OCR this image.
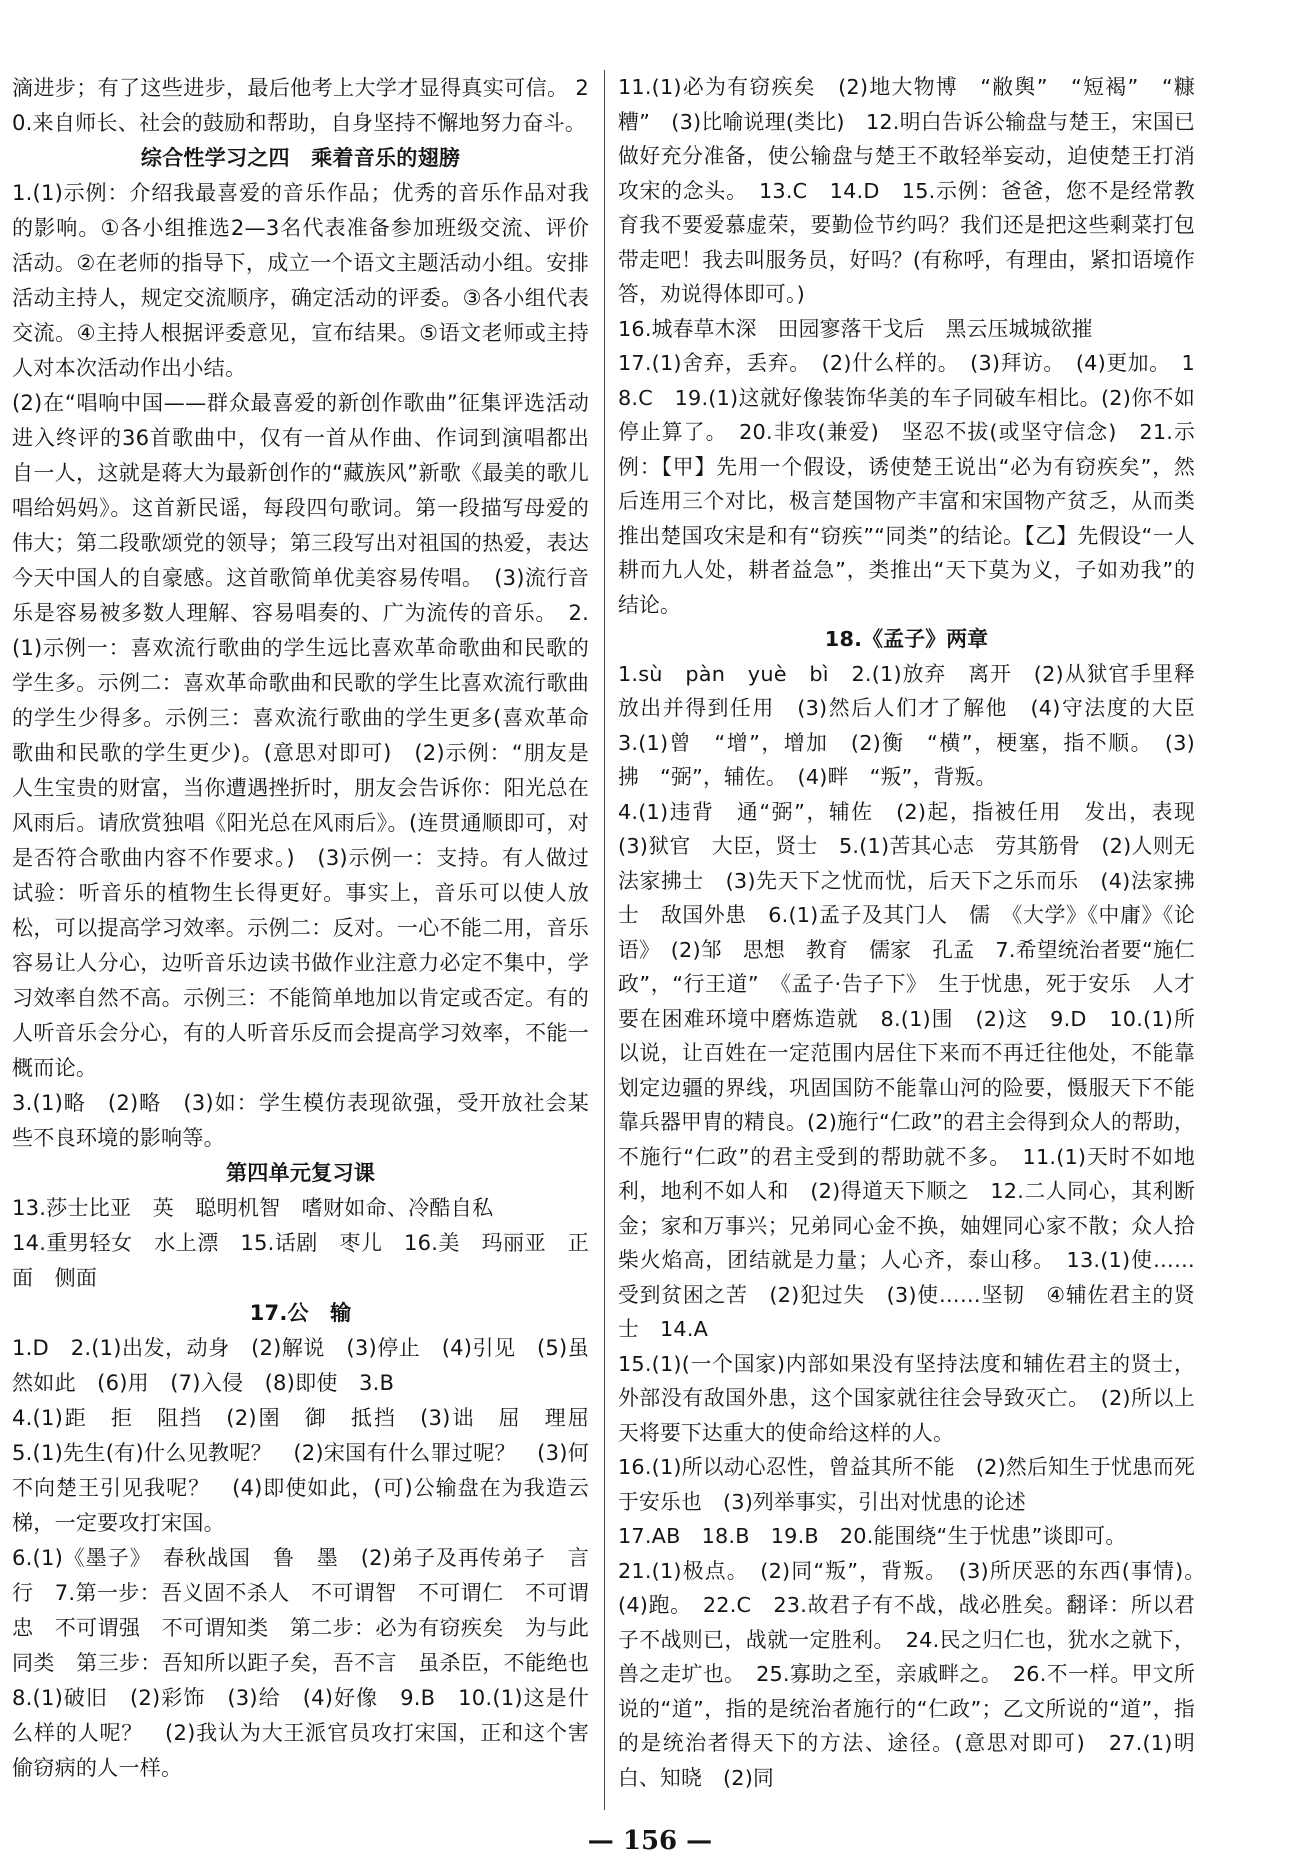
滴进步；有了这些进步，最后他考上大学才显得真实可信。 20.来自师长、社会的鼓励和帮助，自身坚持不懈地努力奋斗。

综合性学习之四　乘着音乐的翅膀

1.(1)示例：介绍我最喜爱的音乐作品；优秀的音乐作品对我的影响。①各小组推选2—3名代表准备参加班级交流、评价活动。②在老师的指导下，成立一个语文主题活动小组。安排活动主持人，规定交流顺序，确定活动的评委。③各小组代表交流。④主持人根据评委意见，宣布结果。⑤语文老师或主持人对本次活动作出小结。

(2)在“唱响中国——群众最喜爱的新创作歌曲”征集评选活动进入终评的36首歌曲中，仅有一首从作曲、作词到演唱都出自一人，这就是蒋大为最新创作的“藏族风”新歌《最美的歌儿唱给妈妈》。这首新民谣，每段四句歌词。第一段描写母爱的伟大；第二段歌颂党的领导；第三段写出对祖国的热爱，表达今天中国人的自豪感。这首歌简单优美容易传唱。　(3)流行音乐是容易被多数人理解、容易唱奏的、广为流传的音乐。　2.(1)示例一：喜欢流行歌曲的学生远比喜欢革命歌曲和民歌的学生多。示例二：喜欢革命歌曲和民歌的学生比喜欢流行歌曲的学生少得多。示例三：喜欢流行歌曲的学生更多(喜欢革命歌曲和民歌的学生更少)。(意思对即可)　(2)示例：“朋友是人生宝贵的财富，当你遭遇挫折时，朋友会告诉你：阳光总在风雨后。请欣赏独唱《阳光总在风雨后》。(连贯通顺即可，对是否符合歌曲内容不作要求。)　(3)示例一：支持。有人做过试验：听音乐的植物生长得更好。事实上，音乐可以使人放松，可以提高学习效率。示例二：反对。一心不能二用，音乐容易让人分心，边听音乐边读书做作业注意力必定不集中，学习效率自然不高。示例三：不能简单地加以肯定或否定。有的人听音乐会分心，有的人听音乐反而会提高学习效率，不能一概而论。

3.(1)略　(2)略　(3)如：学生模仿表现欲强，受开放社会某些不良环境的影响等。

第四单元复习课

13.莎士比亚　英　聪明机智　嗜财如命、冷酷自私

14.重男轻女　水上漂　15.话剧　枣儿　16.美　玛丽亚　正面　侧面

17.公　输

1.D　2.(1)出发，动身　(2)解说　(3)停止　(4)引见　(5)虽然如此　(6)用　(7)入侵　(8)即使　3.B

4.(1)距　拒　阻挡　(2)圉　御　抵挡　(3)诎　屈　理屈　5.(1)先生(有)什么见教呢？　(2)宋国有什么罪过呢？　(3)何不向楚王引见我呢？　(4)即使如此，(可)公输盘在为我造云梯，一定要攻打宋国。

6.(1)《墨子》　春秋战国　鲁　墨　(2)弟子及再传弟子　言行　7.第一步：吾义固不杀人　不可谓智　不可谓仁　不可谓忠　不可谓强　不可谓知类　第二步：必为有窃疾矣　为与此同类　第三步：吾知所以距子矣，吾不言　虽杀臣，不能绝也　8.(1)破旧　(2)彩饰　(3)给　(4)好像　9.B　10.(1)这是什么样的人呢？　(2)我认为大王派官员攻打宋国，正和这个害偷窃病的人一样。

11.(1)必为有窃疾矣　(2)地大物博　“敝舆”　“短褐”　“糠糟”　(3)比喻说理(类比)　12.明白告诉公输盘与楚王，宋国已做好充分准备，使公输盘与楚王不敢轻举妄动，迫使楚王打消攻宋的念头。　13.C　14.D　15.示例：爸爸，您不是经常教育我不要爱慕虚荣，要勤俭节约吗？我们还是把这些剩菜打包带走吧！我去叫服务员，好吗？(有称呼，有理由，紧扣语境作答，劝说得体即可。)

16.城春草木深　田园寥落干戈后　黑云压城城欲摧

17.(1)舍弃，丢弃。　(2)什么样的。　(3)拜访。　(4)更加。　18.C　19.(1)这就好像装饰华美的车子同破车相比。(2)你不如停止算了。　20.非攻(兼爱)　坚忍不拔(或坚守信念)　21.示例：【甲】先用一个假设，诱使楚王说出“必为有窃疾矣”，然后连用三个对比，极言楚国物产丰富和宋国物产贫乏，从而类推出楚国攻宋是和有“窃疾”“同类”的结论。【乙】先假设“一人耕而九人处，耕者益急”，类推出“天下莫为义，子如劝我”的结论。

18.《孟子》两章

1.sù　pàn　yuè　bì　2.(1)放弃　离开　(2)从狱官手里释放出并得到任用　(3)然后人们才了解他　(4)守法度的大臣　3.(1)曾　“增”，增加　(2)衡　“横”，梗塞，指不顺。　(3)拂　“弼”，辅佐。　(4)畔　“叛”，背叛。

4.(1)违背　通“弼”，辅佐　(2)起，指被任用　发出，表现　(3)狱官　大臣，贤士　5.(1)苦其心志　劳其筋骨　(2)人则无法家拂士　(3)先天下之忧而忧，后天下之乐而乐　(4)法家拂士　敌国外患　6.(1)孟子及其门人　儒　《大学》《中庸》《论语》　(2)邹　思想　教育　儒家　孔孟　7.希望统治者要“施仁政”，“行王道”　《孟子·告子下》　生于忧患，死于安乐　人才要在困难环境中磨炼造就　8.(1)围　(2)这　9.D　10.(1)所以说，让百姓在一定范围内居住下来而不再迁往他处，不能靠划定边疆的界线，巩固国防不能靠山河的险要，慑服天下不能靠兵器甲胄的精良。(2)施行“仁政”的君主会得到众人的帮助，不施行“仁政”的君主受到的帮助就不多。　11.(1)天时不如地利，地利不如人和　(2)得道天下顺之　12.二人同心，其利断金；家和万事兴；兄弟同心金不换，妯娌同心家不散；众人拾柴火焰高，团结就是力量；人心齐，泰山移。　13.(1)使……受到贫困之苦　(2)犯过失　(3)使……坚韧　④辅佐君主的贤士　14.A

15.(1)(一个国家)内部如果没有坚持法度和辅佐君主的贤士，外部没有敌国外患，这个国家就往往会导致灭亡。　(2)所以上天将要下达重大的使命给这样的人。

16.(1)所以动心忍性，曾益其所不能　(2)然后知生于忧患而死于安乐也　(3)列举事实，引出对忧患的论述

17.AB　18.B　19.B　20.能围绕“生于忧患”谈即可。

21.(1)极点。　(2)同“叛”，背叛。　(3)所厌恶的东西(事情)。　(4)跑。　22.C　23.故君子有不战，战必胜矣。翻译：所以君子不战则已，战就一定胜利。　24.民之归仁也，犹水之就下，兽之走圹也。　25.寡助之至，亲戚畔之。　26.不一样。甲文所说的“道”，指的是统治者施行的“仁政”；乙文所说的“道”，指的是统治者得天下的方法、途径。(意思对即可)　27.(1)明白、知晓　(2)同

— 156 —
